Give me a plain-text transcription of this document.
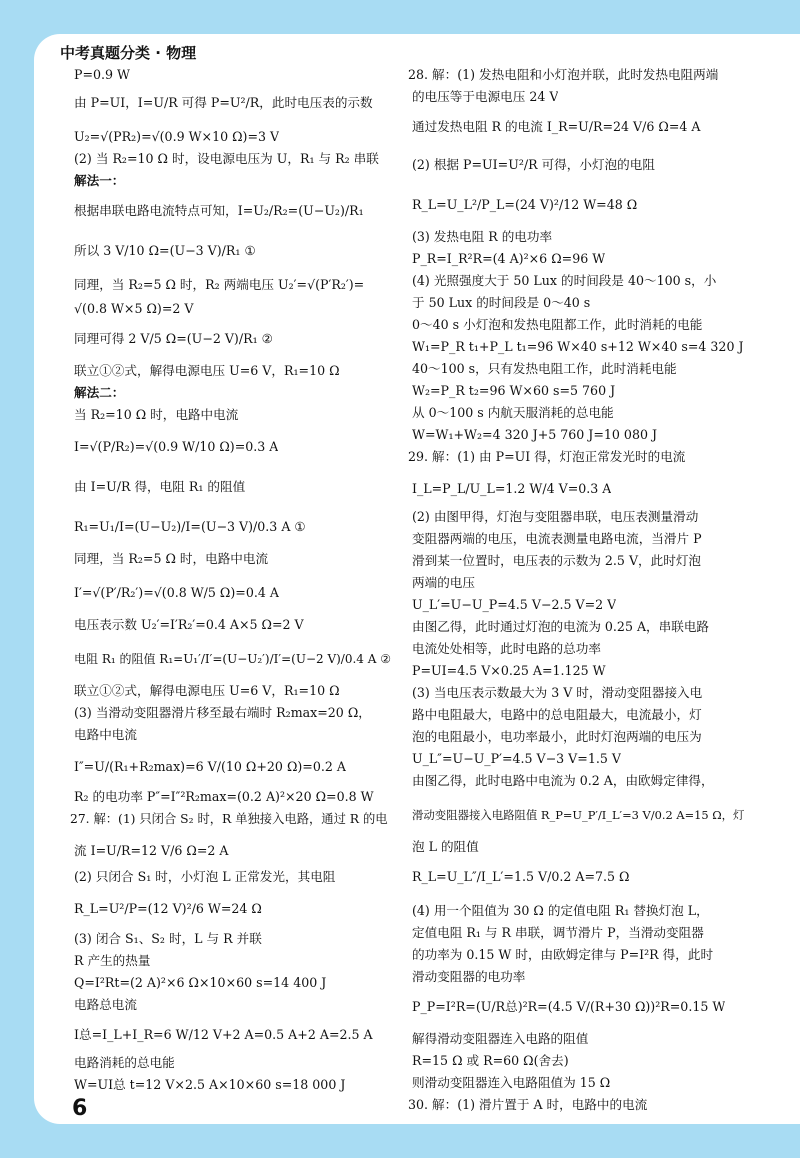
中考真题分类 · 物理
P=0.9 W
由 P=UI，I=U/R 可得 P=U²/R，此时电压表的示数
U₂=√(PR₂)=√(0.9 W×10 Ω)=3 V
(2) 当 R₂=10 Ω 时，设电源电压为 U，R₁ 与 R₂ 串联
解法一：
根据串联电路电流特点可知，I=U₂/R₂=(U−U₂)/R₁
所以 3 V/10 Ω=(U−3 V)/R₁ ①
同理，当 R₂=5 Ω 时，R₂ 两端电压 U₂′=√(P′R₂′)=
√(0.8 W×5 Ω)=2 V
同理可得 2 V/5 Ω=(U−2 V)/R₁ ②
联立①②式，解得电源电压 U=6 V，R₁=10 Ω
解法二：
当 R₂=10 Ω 时，电路中电流
I=√(P/R₂)=√(0.9 W/10 Ω)=0.3 A
由 I=U/R 得，电阻 R₁ 的阻值
R₁=U₁/I=(U−U₂)/I=(U−3 V)/0.3 A ①
同理，当 R₂=5 Ω 时，电路中电流
I′=√(P′/R₂′)=√(0.8 W/5 Ω)=0.4 A
电压表示数 U₂′=I′R₂′=0.4 A×5 Ω=2 V
电阻 R₁ 的阻值 R₁=U₁′/I′=(U−U₂′)/I′=(U−2 V)/0.4 A ②
联立①②式，解得电源电压 U=6 V，R₁=10 Ω
(3) 当滑动变阻器滑片移至最右端时 R₂max=20 Ω，
电路中电流
I″=U/(R₁+R₂max)=6 V/(10 Ω+20 Ω)=0.2 A
R₂ 的电功率 P″=I″²R₂max=(0.2 A)²×20 Ω=0.8 W
27. 解：(1) 只闭合 S₂ 时，R 单独接入电路，通过 R 的电
流 I=U/R=12 V/6 Ω=2 A
(2) 只闭合 S₁ 时，小灯泡 L 正常发光，其电阻
R_L=U²/P=(12 V)²/6 W=24 Ω
(3) 闭合 S₁、S₂ 时，L 与 R 并联
R 产生的热量
Q=I²Rt=(2 A)²×6 Ω×10×60 s=14 400 J
电路总电流
I总=I_L+I_R=6 W/12 V+2 A=0.5 A+2 A=2.5 A
电路消耗的总电能
W=UI总 t=12 V×2.5 A×10×60 s=18 000 J
28. 解：(1) 发热电阻和小灯泡并联，此时发热电阻两端
的电压等于电源电压 24 V
通过发热电阻 R 的电流 I_R=U/R=24 V/6 Ω=4 A
(2) 根据 P=UI=U²/R 可得，小灯泡的电阻
R_L=U_L²/P_L=(24 V)²/12 W=48 Ω
(3) 发热电阻 R 的电功率
P_R=I_R²R=(4 A)²×6 Ω=96 W
(4) 光照强度大于 50 Lux 的时间段是 40～100 s，小
于 50 Lux 的时间段是 0～40 s
0～40 s 小灯泡和发热电阻都工作，此时消耗的电能
W₁=P_R t₁+P_L t₁=96 W×40 s+12 W×40 s=4 320 J
40～100 s，只有发热电阻工作，此时消耗电能
W₂=P_R t₂=96 W×60 s=5 760 J
从 0～100 s 内航天服消耗的总电能
W=W₁+W₂=4 320 J+5 760 J=10 080 J
29. 解：(1) 由 P=UI 得，灯泡正常发光时的电流
I_L=P_L/U_L=1.2 W/4 V=0.3 A
(2) 由图甲得，灯泡与变阻器串联，电压表测量滑动
变阻器两端的电压，电流表测量电路电流，当滑片 P
滑到某一位置时，电压表的示数为 2.5 V，此时灯泡
两端的电压
U_L′=U−U_P=4.5 V−2.5 V=2 V
由图乙得，此时通过灯泡的电流为 0.25 A，串联电路
电流处处相等，此时电路的总功率
P=UI=4.5 V×0.25 A=1.125 W
(3) 当电压表示数最大为 3 V 时，滑动变阻器接入电
路中电阻最大，电路中的总电阻最大，电流最小，灯
泡的电阻最小，电功率最小，此时灯泡两端的电压为
U_L″=U−U_P′=4.5 V−3 V=1.5 V
由图乙得，此时电路中电流为 0.2 A，由欧姆定律得，
滑动变阻器接入电路阻值 R_P=U_P′/I_L′=3 V/0.2 A=15 Ω，灯
泡 L 的阻值
R_L=U_L″/I_L′=1.5 V/0.2 A=7.5 Ω
(4) 用一个阻值为 30 Ω 的定值电阻 R₁ 替换灯泡 L，
定值电阻 R₁ 与 R 串联，调节滑片 P，当滑动变阻器
的功率为 0.15 W 时，由欧姆定律与 P=I²R 得，此时
滑动变阻器的电功率
P_P=I²R=(U/R总)²R=(4.5 V/(R+30 Ω))²R=0.15 W
解得滑动变阻器连入电路的阻值
R=15 Ω 或 R=60 Ω(舍去)
则滑动变阻器连入电路阻值为 15 Ω
30. 解：(1) 滑片置于 A 时，电路中的电流
6
